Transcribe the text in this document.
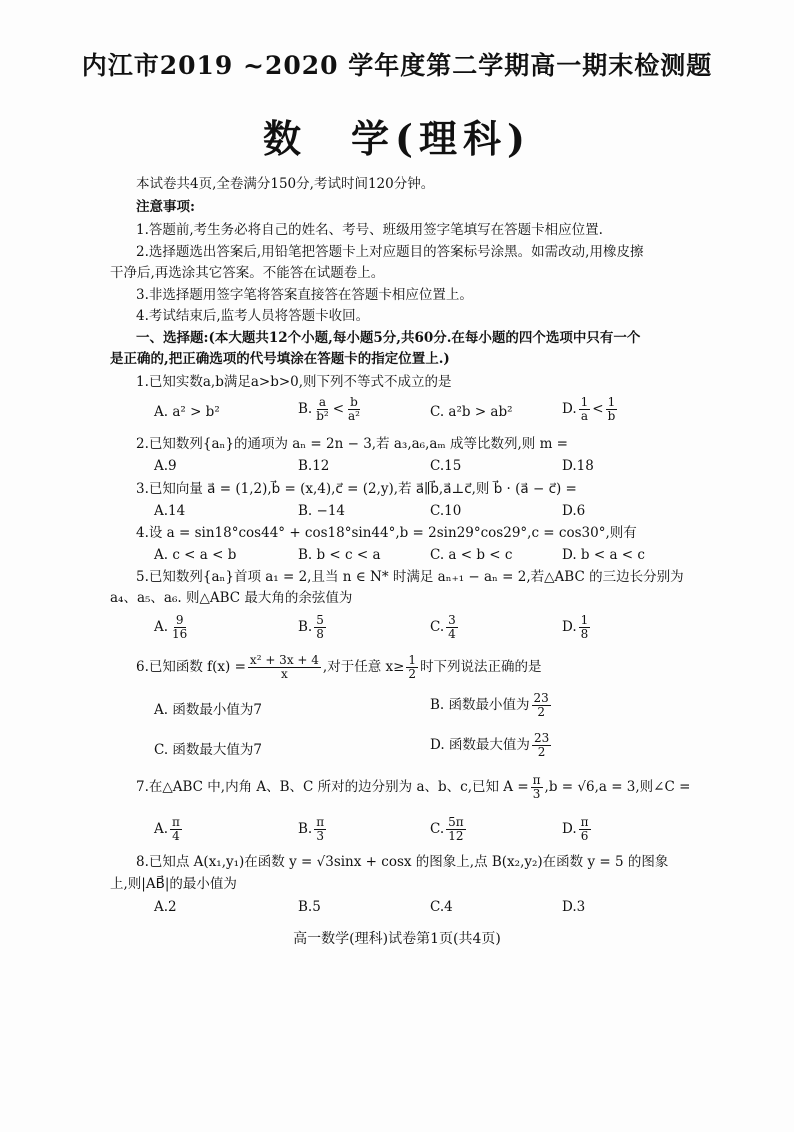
内江市2019 ~2020 学年度第二学期高一期末检测题
数　学(理科)
本试卷共4页,全卷满分150分,考试时间120分钟。
注意事项:
1.答题前,考生务必将自己的姓名、考号、班级用签字笔填写在答题卡相应位置.
2.选择题选出答案后,用铅笔把答题卡上对应题目的答案标号涂黑。如需改动,用橡皮擦
干净后,再选涂其它答案。不能答在试题卷上。
3.非选择题用签字笔将答案直接答在答题卡相应位置上。
4.考试结束后,监考人员将答题卡收回。
一、选择题:(本大题共12个小题,每小题5分,共60分.在每小题的四个选项中只有一个
是正确的,把正确选项的代号填涂在答题卡的指定位置上.)
1.已知实数a,b满足a>b>0,则下列不等式不成立的是
A. a² > b²	B. $\frac{a}{\text{b²}} < \frac{b}{\text{a²}}$	C. a²b > ab²	D. $\frac{1}{a} < \frac{1}{b}$
2.已知数列{aₙ}的通项为 aₙ = 2n − 3,若 a₃,a₆,aₘ 成等比数列,则 m =
A.9	B.12	C.15	D.18
3.已知向量 a⃗ = (1,2),b⃗ = (x,4),c⃗ = (2,y),若 a⃗∥b⃗,a⃗⊥c⃗,则 b⃗ · (a⃗ − c⃗) =
A.14	B. −14	C.10	D.6
4.设 a = sin18°cos44° + cos18°sin44°,b = 2sin29°cos29°,c = cos30°,则有
A. c < a < b	B. b < c < a	C. a < b < c	D. b < a < c
5.已知数列{aₙ}首项 a₁ = 2,且当 n ∈ N* 时满足 aₙ₊₁ − aₙ = 2,若△ABC 的三边长分别为
a₄、a₅、a₆. 则△ABC 最大角的余弦值为
A. $\frac{9}{16}$	B. $\frac{5}{8}$	C. $\frac{3}{4}$	D. $\frac{1}{8}$
6.已知函数 $f(x) = \frac{\text{x² + 3x + 4}}{x}$ ,对于任意 $x\ge \frac{1}{2}$ 时下列说法正确的是
A. 函数最小值为7	B. 函数最小值为 $\frac{23}{2}$
C. 函数最大值为7	D. 函数最大值为 $\frac{23}{2}$
7.在△ABC 中,内角 A、B、C 所对的边分别为 a、b、c,已知 $A = \frac{\pi}{3} ,b = √6,a = 3$,则∠C =
A. $\frac{\pi}{4}$	B. $\frac{\pi}{3}$	C. $\frac{5\pi}{12}$	D. $\frac{\pi}{6}$
8.已知点 A(x₁,y₁)在函数 y = √3sinx + cosx 的图象上,点 B(x₂,y₂)在函数 y = 5 的图象
上,则|AB⃗|的最小值为
A.2	B.5	C.4	D.3
高一数学(理科)试卷第1页(共4页)
